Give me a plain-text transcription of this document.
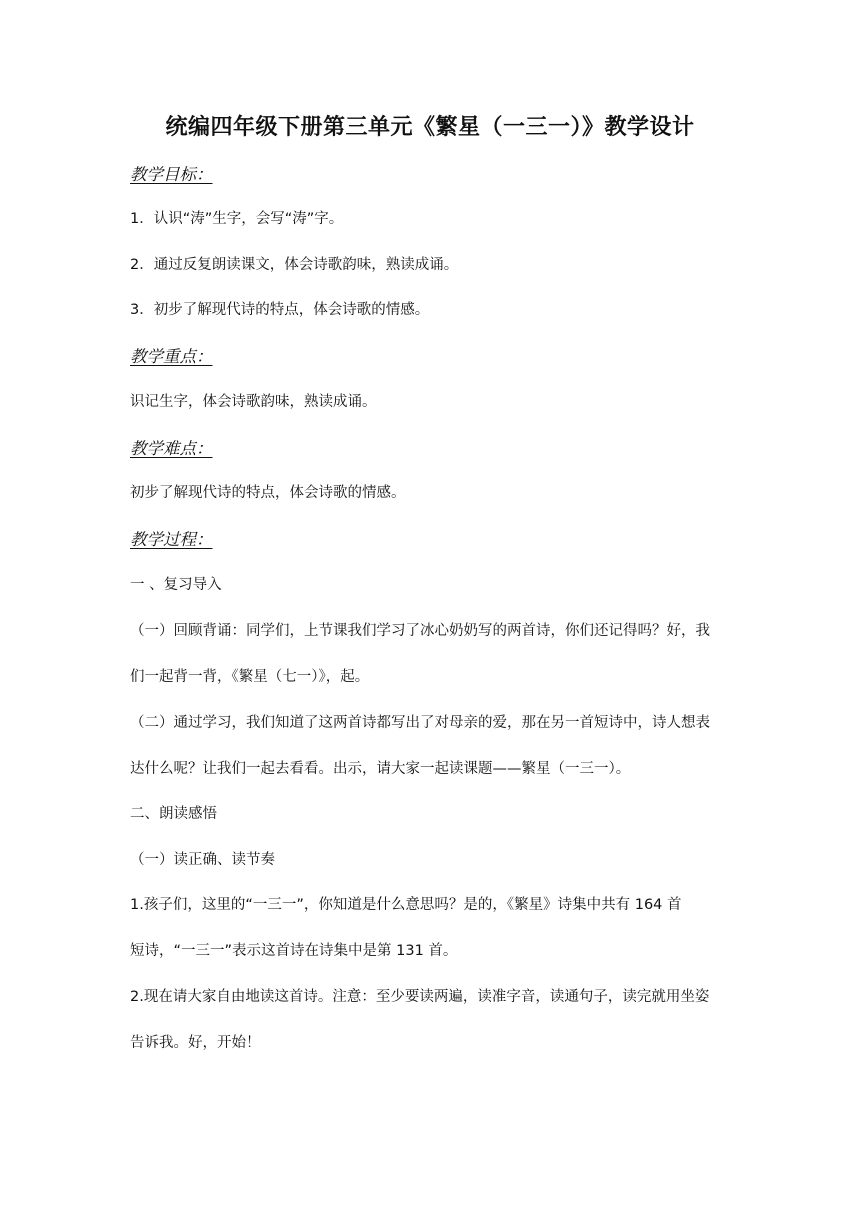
统编四年级下册第三单元《繁星（一三一）》教学设计
教学目标：
1．认识“涛”生字，会写“涛”字。
2．通过反复朗读课文，体会诗歌韵味，熟读成诵。
3．初步了解现代诗的特点，体会诗歌的情感。
教学重点：
识记生字，体会诗歌韵味，熟读成诵。
教学难点：
初步了解现代诗的特点，体会诗歌的情感。
教学过程：
一 、复习导入
（一）回顾背诵：同学们，上节课我们学习了冰心奶奶写的两首诗，你们还记得吗？好，我
们一起背一背，《繁星（七一）》，起。
（二）通过学习，我们知道了这两首诗都写出了对母亲的爱，那在另一首短诗中，诗人想表
达什么呢？让我们一起去看看。出示，请大家一起读课题——繁星（一三一）。
二、朗读感悟
（一）读正确、读节奏
1.孩子们，这里的“一三一”，你知道是什么意思吗？是的，《繁星》诗集中共有 164 首
短诗，“一三一”表示这首诗在诗集中是第 131 首。
2.现在请大家自由地读这首诗。注意：至少要读两遍，读准字音，读通句子，读完就用坐姿
告诉我。好，开始！
